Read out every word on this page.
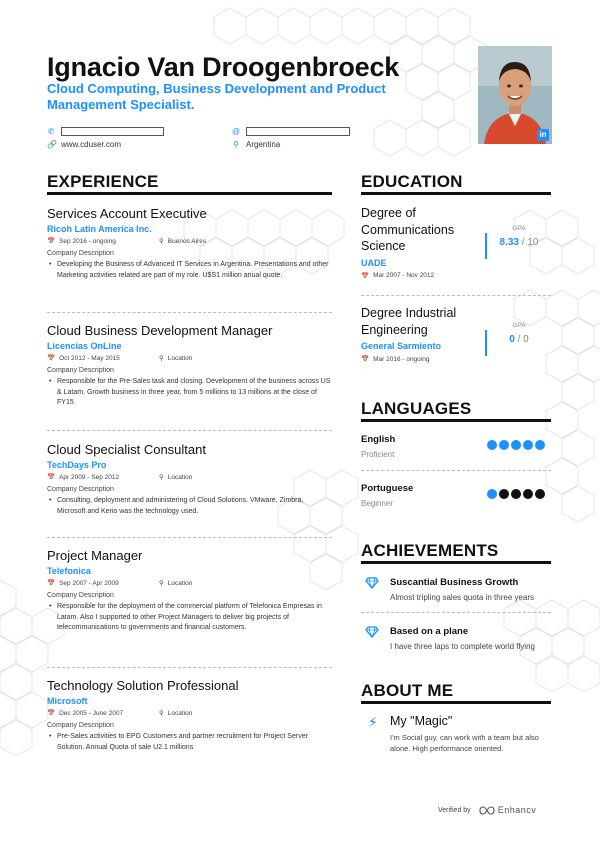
Ignacio Van Droogenbroeck
Cloud Computing, Business Development and Product Management Specialist.
✆	@
🔗 www.cduser.com	⚲ Argentina
in
EXPERIENCE
Services Account Executive
Ricoh Latin America Inc.
📅 Sep 2016 - ongoing	⚲ Buenos Aires
Company Description
• Developing the Business of Advanced IT Services in Argentina. Presentations and other Marketing activities related are part of my role. U$S1 million anual quote.
Cloud Business Development Manager
Licencias OnLine
📅 Oct 2012 - May 2015	⚲ Location
Company Description
• Responsible for the Pre-Sales task and closing. Development of the business across US & Latam. Growth business in three year, from 5 millions to 13 millions at the close of FY15
Cloud Specialist Consultant
TechDays Pro
📅 Apr 2009 - Sep 2012	⚲ Location
Company Description
• Consulting, deployment and administering of Cloud Solutions. VMware, Zimbra, Microsoft and Kerio was the technology used.
Project Manager
Telefonica
📅 Sep 2007 - Apr 2009	⚲ Location
Company Description
• Responsible for the deployment of the commercial platform of Telefonica Empresas in Latam. Also I supported to other Project Managers to deliver big projects of telecommunications to governments and financial customers.
Technology Solution Professional
Microsoft
📅 Dec 2005 - June 2007	⚲ Location
Company Description
• Pre-Sales activities to EPG Customers and partner recruitment for Project Server Solution. Annual Quota of sale U2.1 millions
EDUCATION
Degree of Communications Science
UADE
📅 Mar 2007 - Nov 2012
GPA
8.33 / 10
Degree Industrial Engineering
General Sarmiento
📅 Mar 2016 - ongoing
GPA
0 / 0
LANGUAGES
English
Proficient
Portuguese
Beginner
ACHIEVEMENTS
Suscantial Business Growth
Almost tripling sales quota in three years
Based on a plane
I have three laps to complete world flying
ABOUT ME
⚡ My "Magic"
I'm Social guy, can work with a team but also alone. High performance oriented.
Verified by	Enhancv
